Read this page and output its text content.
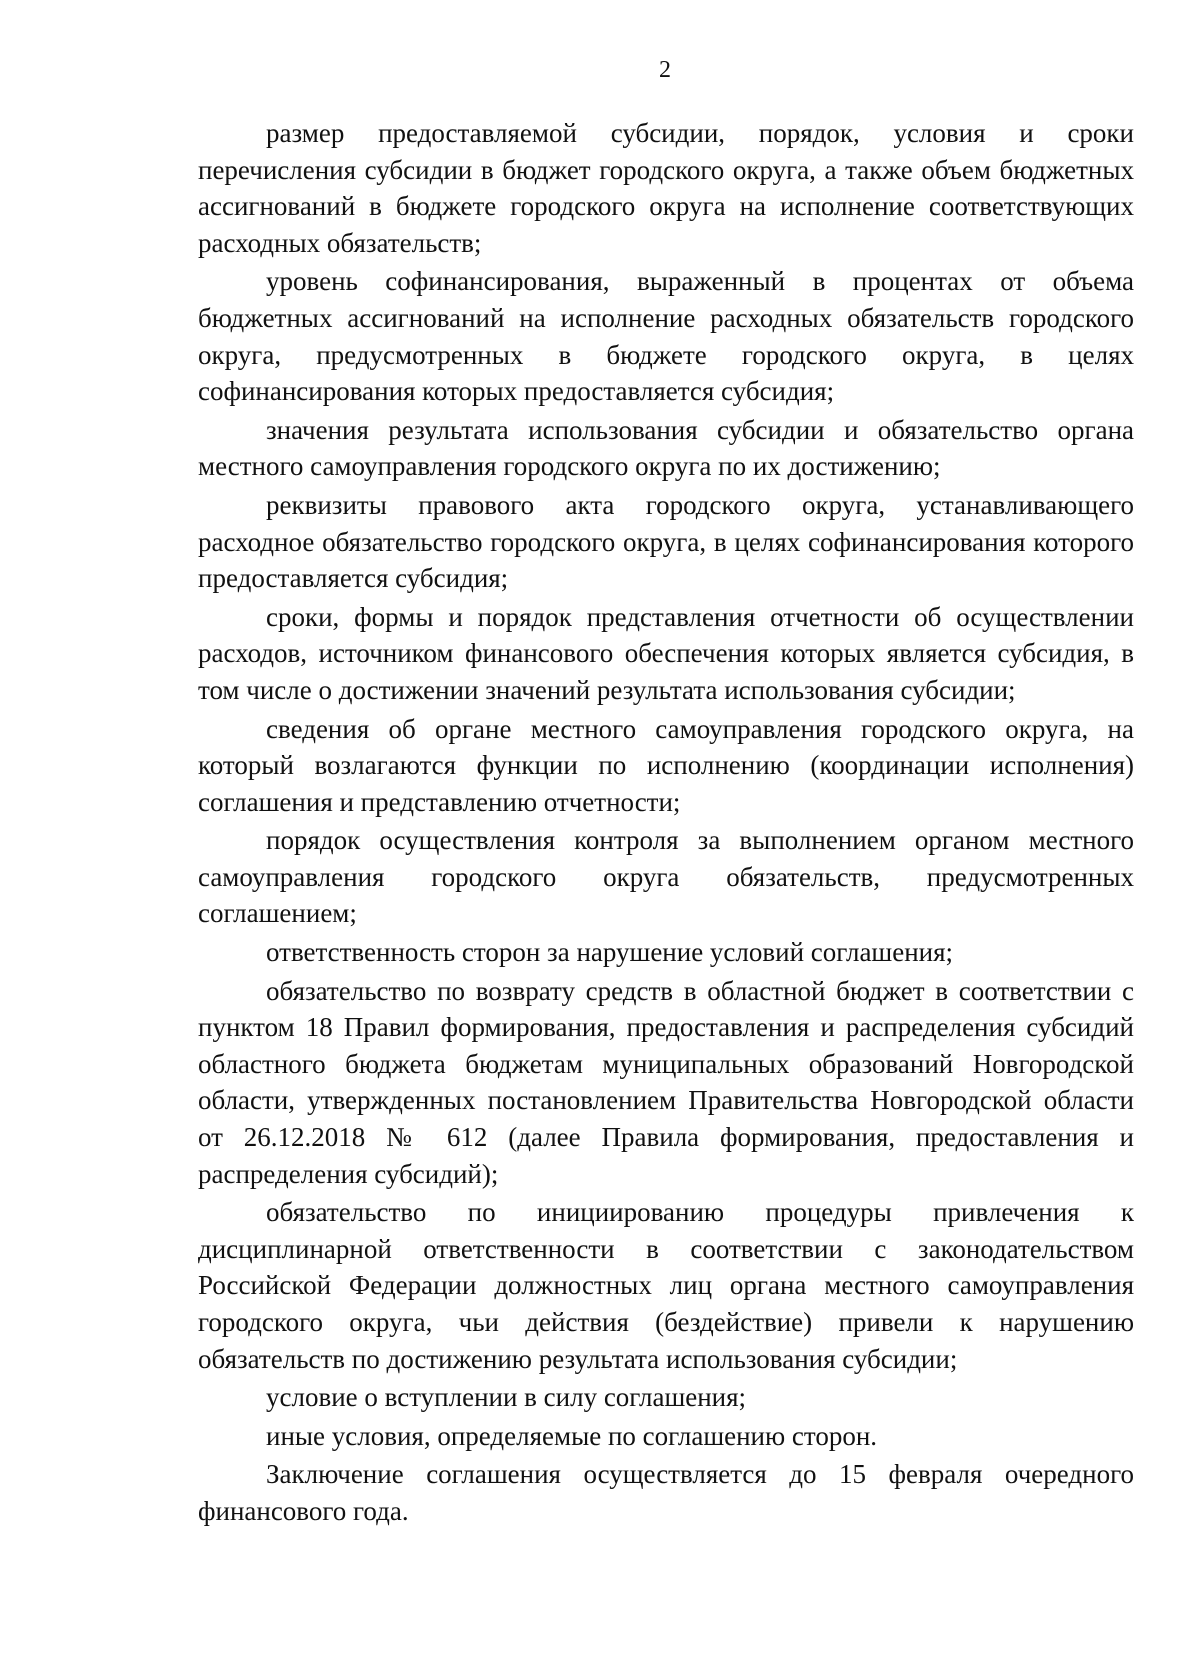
2

размер предоставляемой субсидии, порядок, условия и сроки перечисления субсидии в бюджет городского округа, а также объем бюджетных ассигнований в бюджете городского округа на исполнение соответствующих расходных обязательств;

уровень софинансирования, выраженный в процентах от объема бюджетных ассигнований на исполнение расходных обязательств городского округа, предусмотренных в бюджете городского округа, в целях софинансирования которых предоставляется субсидия;

значения результата использования субсидии и обязательство органа местного самоуправления городского округа по их достижению;

реквизиты правового акта городского округа, устанавливающего расходное обязательство городского округа, в целях софинансирования которого предоставляется субсидия;

сроки, формы и порядок представления отчетности об осуществлении расходов, источником финансового обеспечения которых является субсидия, в том числе о достижении значений результата использования субсидии;

сведения об органе местного самоуправления городского округа, на который возлагаются функции по исполнению (координации исполнения) соглашения и представлению отчетности;

порядок осуществления контроля за выполнением органом местного самоуправления городского округа обязательств, предусмотренных соглашением;

ответственность сторон за нарушение условий соглашения;

обязательство по возврату средств в областной бюджет в соответствии с пунктом 18 Правил формирования, предоставления и распределения субсидий областного бюджета бюджетам муниципальных образований Новгородской области, утвержденных постановлением Правительства Новгородской области от 26.12.2018 № 612 (далее Правила формирования, предоставления и распределения субсидий);

обязательство по инициированию процедуры привлечения к дисциплинарной ответственности в соответствии с законодательством Российской Федерации должностных лиц органа местного самоуправления городского округа, чьи действия (бездействие) привели к нарушению обязательств по достижению результата использования субсидии;

условие о вступлении в силу соглашения;

иные условия, определяемые по соглашению сторон.

Заключение соглашения осуществляется до 15 февраля очередного финансового года.
